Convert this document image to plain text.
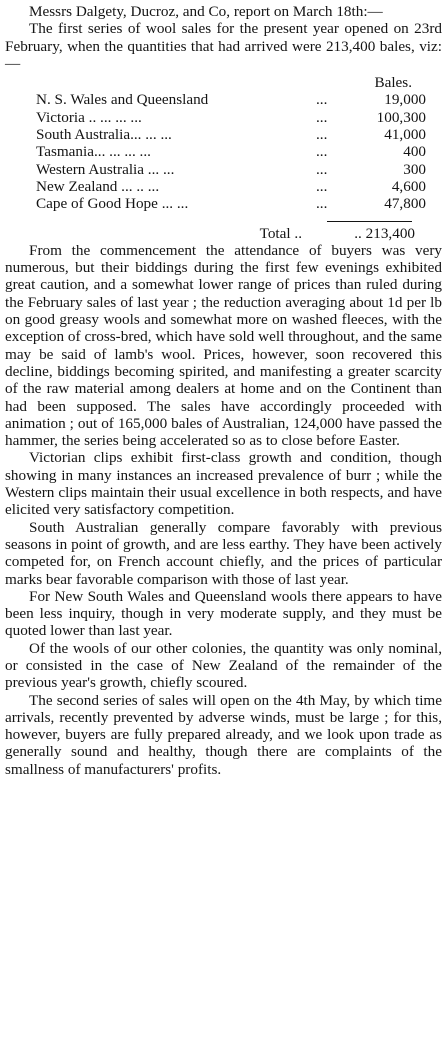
Messrs Dalgety, Ducroz, and Co, report on March 18th:—

The first series of wool sales for the present year opened on 23rd February, when the quantities that had arrived were 213,400 bales, viz:—

Bales.
N. S. Wales and Queensland	...	19,000
Victoria .. ... ... ...	...	100,300
South Australia... ... ...	...	41,000
Tasmania... ... ... ...	...	400
Western Australia ... ...	...	300
New Zealand ... .. ...	...	4,600
Cape of Good Hope ... ...	...	47,800
Total ..	.. 213,400

From the commencement the attendance of buyers was very numerous, but their biddings during the first few evenings exhibited great caution, and a somewhat lower range of prices than ruled during the February sales of last year ; the reduction averaging about 1d per lb on good greasy wools and somewhat more on washed fleeces, with the exception of cross-bred, which have sold well throughout, and the same may be said of lamb's wool. Prices, however, soon recovered this decline, biddings becoming spirited, and manifesting a greater scarcity of the raw material among dealers at home and on the Continent than had been supposed. The sales have accordingly proceeded with animation ; out of 165,000 bales of Australian, 124,000 have passed the hammer, the series being accelerated so as to close before Easter.

Victorian clips exhibit first-class growth and condition, though showing in many instances an increased prevalence of burr ; while the Western clips maintain their usual excellence in both respects, and have elicited very satisfactory competition.

South Australian generally compare favorably with previous seasons in point of growth, and are less earthy. They have been actively competed for, on French account chiefly, and the prices of particular marks bear favorable comparison with those of last year.

For New South Wales and Queensland wools there appears to have been less inquiry, though in very moderate supply, and they must be quoted lower than last year.

Of the wools of our other colonies, the quantity was only nominal, or consisted in the case of New Zealand of the remainder of the previous year's growth, chiefly scoured.

The second series of sales will open on the 4th May, by which time arrivals, recently prevented by adverse winds, must be large ; for this, however, buyers are fully prepared already, and we look upon trade as generally sound and healthy, though there are complaints of the smallness of manufacturers' profits.
